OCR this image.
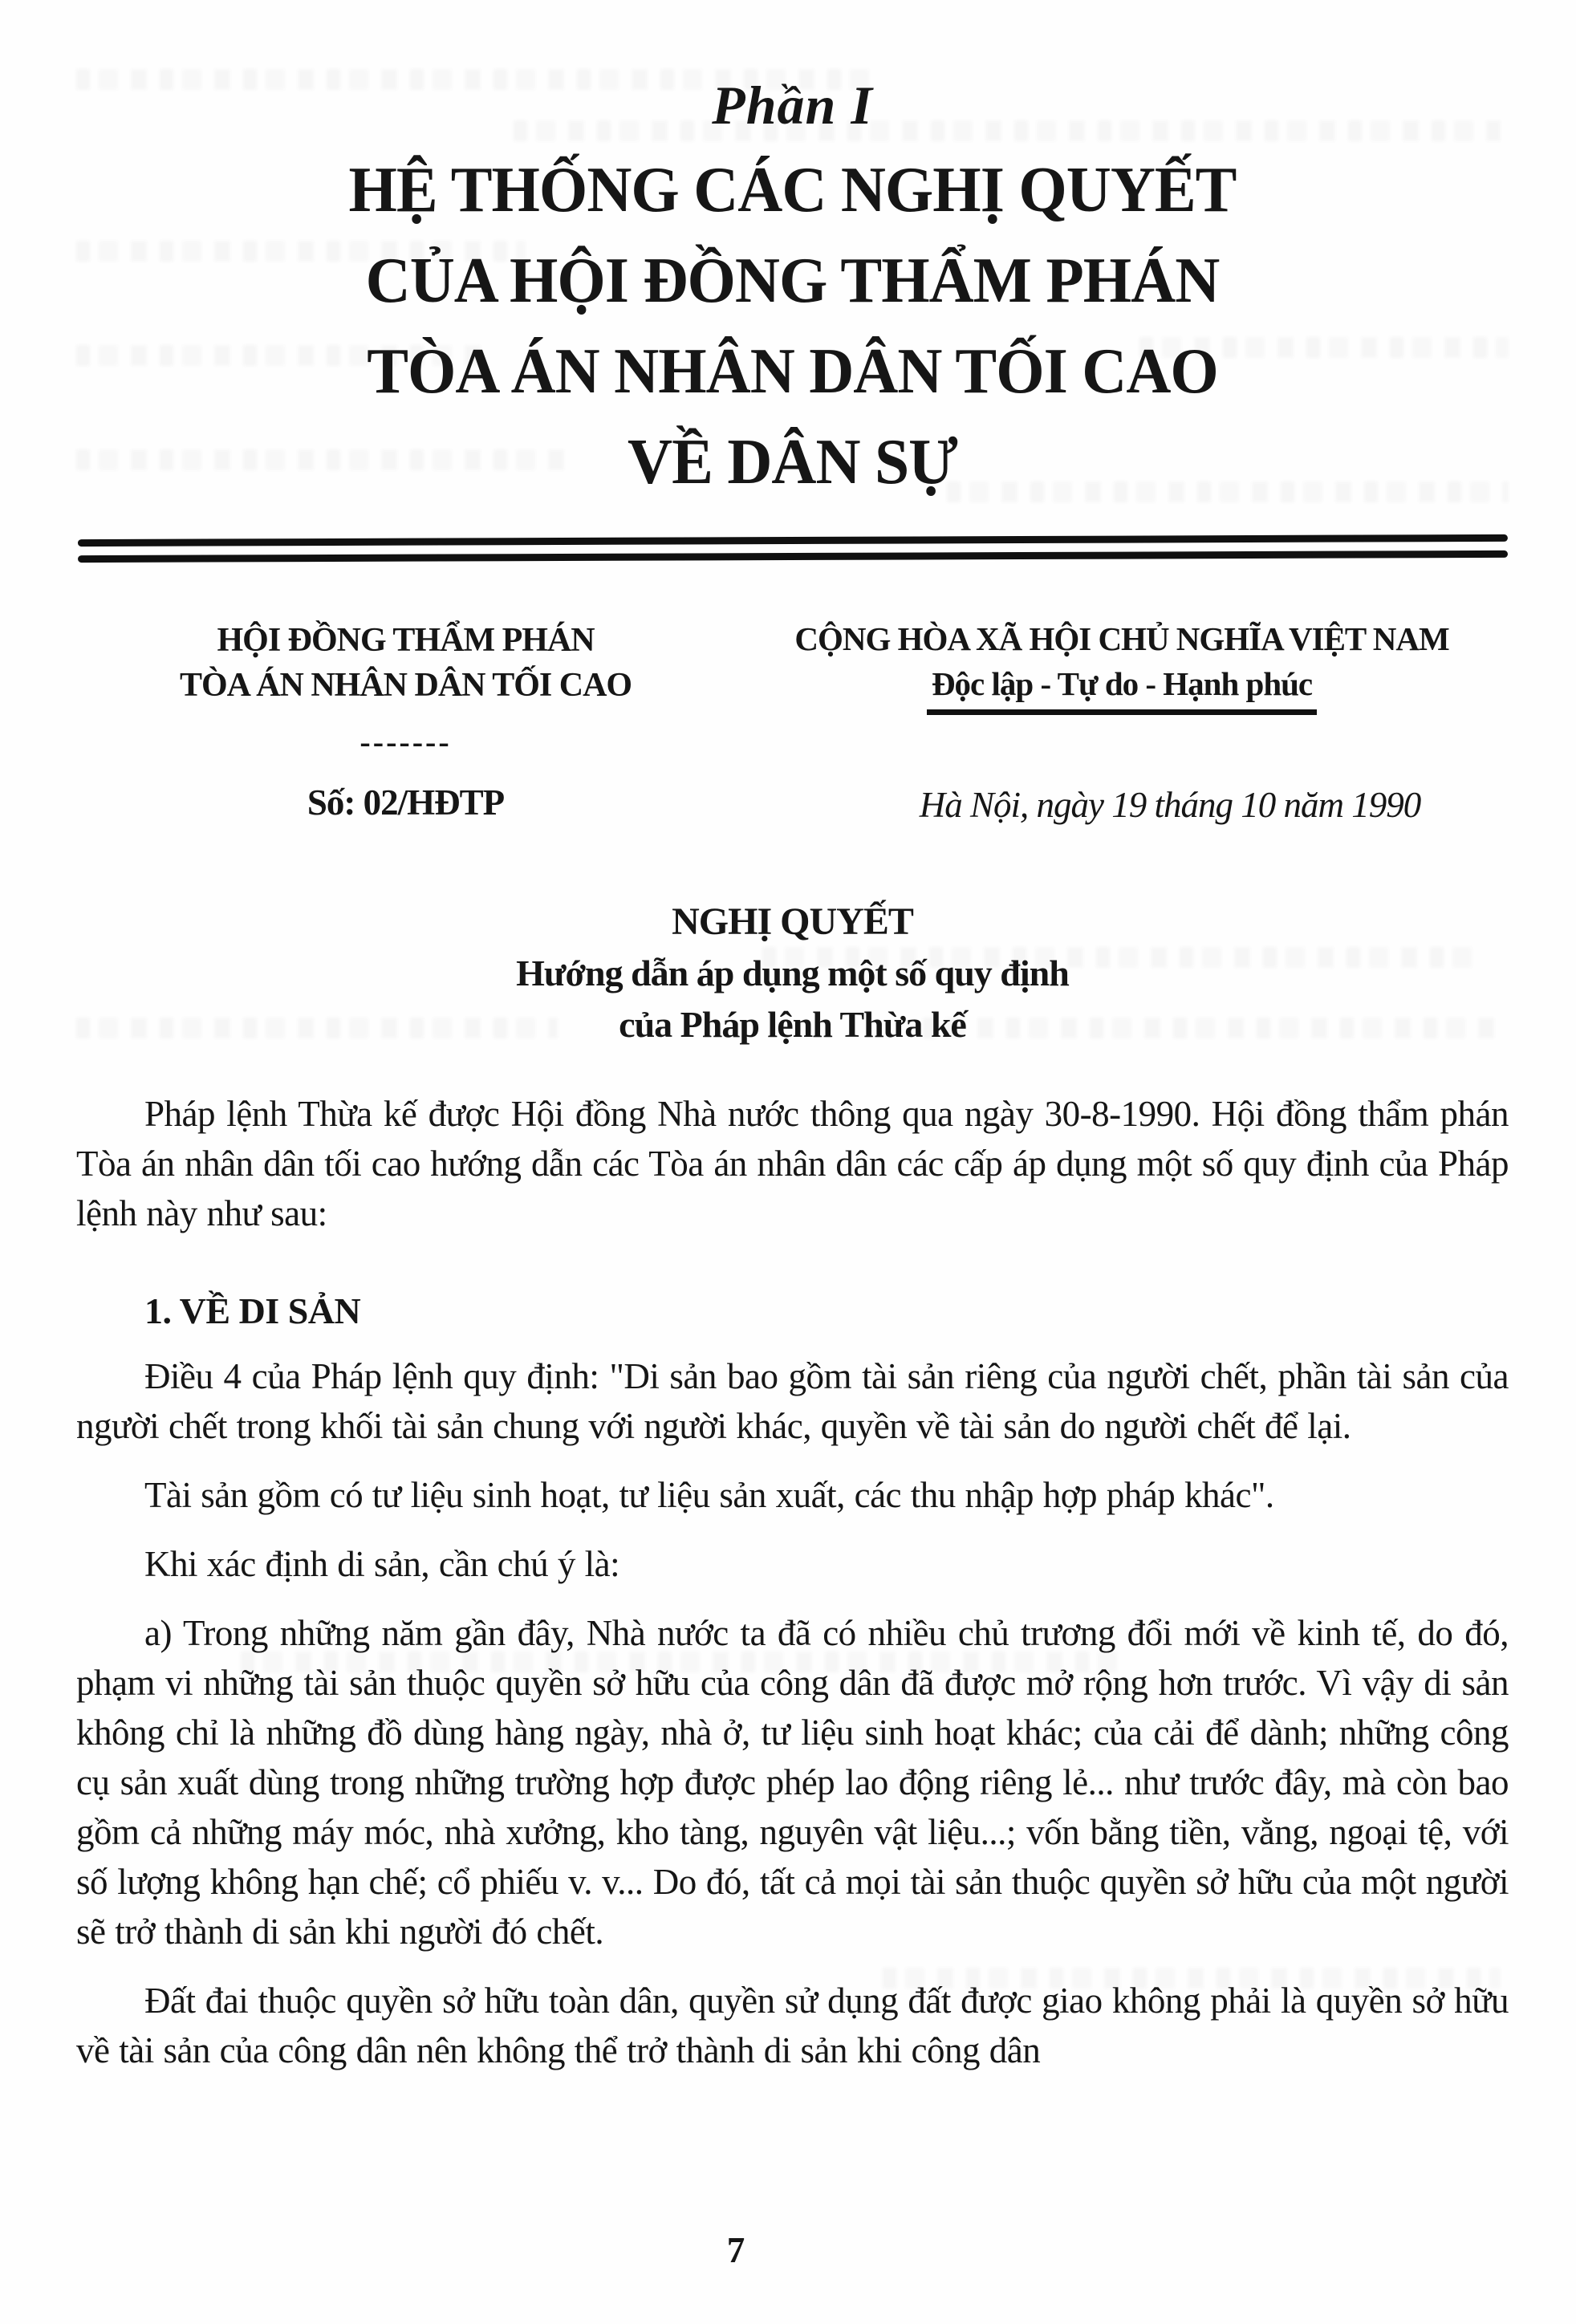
Phần I
HỆ THỐNG CÁC NGHỊ QUYẾT
CỦA HỘI ĐỒNG THẨM PHÁN
TÒA ÁN NHÂN DÂN TỐI CAO
VỀ DÂN SỰ
HỘI ĐỒNG THẨM PHÁN
TÒA ÁN NHÂN DÂN TỐI CAO
-------
Số: 02/HĐTP
CỘNG HÒA XÃ HỘI CHỦ NGHĨA VIỆT NAM
Độc lập - Tự do - Hạnh phúc
Hà Nội, ngày 19 tháng 10 năm 1990
NGHỊ QUYẾT
Hướng dẫn áp dụng một số quy định
của Pháp lệnh Thừa kế

Pháp lệnh Thừa kế được Hội đồng Nhà nước thông qua ngày 30-8-1990. Hội đồng thẩm phán Tòa án nhân dân tối cao hướng dẫn các Tòa án nhân dân các cấp áp dụng một số quy định của Pháp lệnh này như sau:

1. VỀ DI SẢN

Điều 4 của Pháp lệnh quy định: "Di sản bao gồm tài sản riêng của người chết, phần tài sản của người chết trong khối tài sản chung với người khác, quyền về tài sản do người chết để lại.

Tài sản gồm có tư liệu sinh hoạt, tư liệu sản xuất, các thu nhập hợp pháp khác".

Khi xác định di sản, cần chú ý là:

a) Trong những năm gần đây, Nhà nước ta đã có nhiều chủ trương đổi mới về kinh tế, do đó, phạm vi những tài sản thuộc quyền sở hữu của công dân đã được mở rộng hơn trước. Vì vậy di sản không chỉ là những đồ dùng hàng ngày, nhà ở, tư liệu sinh hoạt khác; của cải để dành; những công cụ sản xuất dùng trong những trường hợp được phép lao động riêng lẻ... như trước đây, mà còn bao gồm cả những máy móc, nhà xưởng, kho tàng, nguyên vật liệu...; vốn bằng tiền, vằng, ngoại tệ, với số lượng không hạn chế; cổ phiếu v. v... Do đó, tất cả mọi tài sản thuộc quyền sở hữu của một người sẽ trở thành di sản khi người đó chết.

Đất đai thuộc quyền sở hữu toàn dân, quyền sử dụng đất được giao không phải là quyền sở hữu về tài sản của công dân nên không thể trở thành di sản khi công dân

7
